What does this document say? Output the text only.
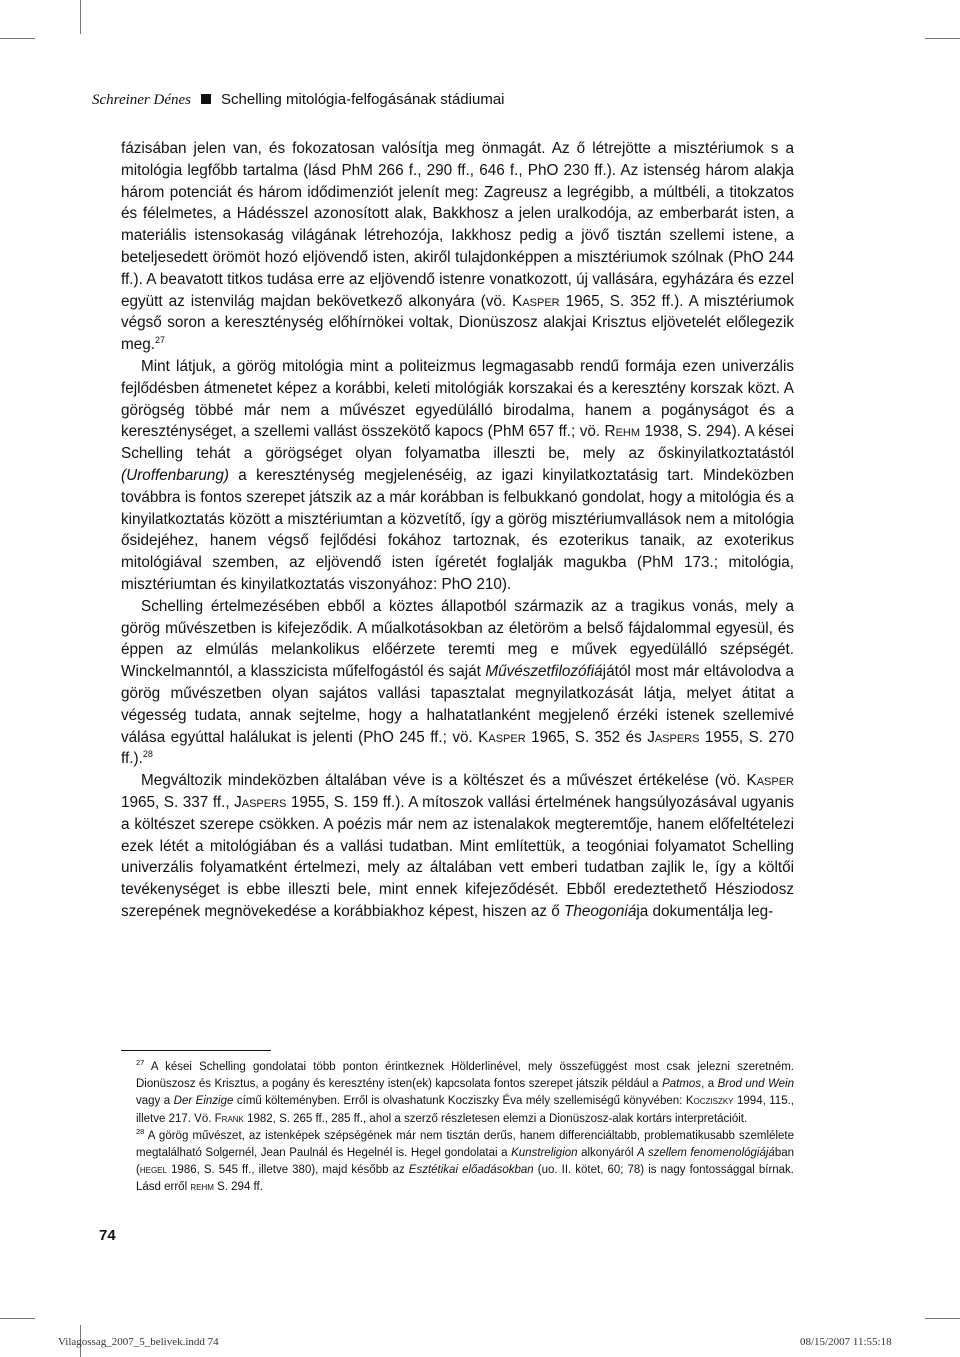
Schreiner Dénes Schelling mitológia-felfogásának stádiumai

fázisában jelen van, és fokozatosan valósítja meg önmagát. Az ő létrejötte a misztériumok s a mitológia legfőbb tartalma (lásd PhM 266 f., 290 ff., 646 f., PhO 230 ff.). Az istenség három alakja három potenciát és három idődimenziót jelenít meg: Zagreusz a legrégibb, a múltbéli, a titokzatos és félelmetes, a Hádésszel azonosított alak, Bakkhosz a jelen uralkodója, az emberbarát isten, a materiális istensokaság világának létrehozója, Iakkhosz pedig a jövő tisztán szellemi istene, a beteljesedett örömöt hozó eljövendő isten, akiről tulajdonképpen a misztériumok szólnak (PhO 244 ff.). A beavatott titkos tudása erre az eljövendő istenre vonatkozott, új vallására, egyházára és ezzel együtt az istenvilág majdan bekövetkező alkonyára (vö. Kasper 1965, S. 352 ff.). A misztériumok végső soron a kereszténység előhírnökei voltak, Dionüszosz alakjai Krisztus eljövetelét előlegezik meg.$^{27}$

Mint látjuk, a görög mitológia mint a politeizmus legmagasabb rendű formája ezen univerzális fejlődésben átmenetet képez a korábbi, keleti mitológiák korszakai és a keresztény korszak közt. A görögség többé már nem a művészet egyedülálló birodalma, hanem a pogányságot és a kereszténységet, a szellemi vallást összekötő kapocs (PhM 657 ff.; vö. Rehm 1938, S. 294). A kései Schelling tehát a görögséget olyan folyamatba illeszti be, mely az őskinyilatkoztatástól (Uroffenbarung) a kereszténység megjelenéséig, az igazi kinyilatkoztatásig tart. Mindeközben továbbra is fontos szerepet játszik az a már korábban is felbukkanó gondolat, hogy a mitológia és a kinyilatkoztatás között a misztériumtan a közvetítő, így a görög misztériumvallások nem a mitológia ősidejéhez, hanem végső fejlődési fokához tartoznak, és ezoterikus tanaik, az exoterikus mitológiával szemben, az eljövendő isten ígéretét foglalják magukba (PhM 173.; mitológia, misztériumtan és kinyilatkoztatás viszonyához: PhO 210).

Schelling értelmezésében ebből a köztes állapotból származik az a tragikus vonás, mely a görög művészetben is kifejeződik. A műalkotásokban az életöröm a belső fájdalommal egyesül, és éppen az elmúlás melankolikus előérzete teremti meg e művek egyedülálló szépségét. Winckelmanntól, a klasszicista műfelfogástól és saját Művészetfilozófiájától most már eltávolodva a görög művészetben olyan sajátos vallási tapasztalat megnyilatkozását látja, melyet átitat a végesség tudata, annak sejtelme, hogy a halhatatlanként megjelenő érzéki istenek szellemivé válása egyúttal halálukat is jelenti (PhO 245 ff.; vö. Kasper 1965, S. 352 és Jaspers 1955, S. 270 ff.).$^{28}$

Megváltozik mindeközben általában véve is a költészet és a művészet értékelése (vö. Kasper 1965, S. 337 ff., Jaspers 1955, S. 159 ff.). A mítoszok vallási értelmének hangsúlyozásával ugyanis a költészet szerepe csökken. A poézis már nem az istenalakok megteremtője, hanem előfeltételezi ezek létét a mitológiában és a vallási tudatban. Mint említettük, a teogóniai folyamatot Schelling univerzális folyamatként értelmezi, mely az általában vett emberi tudatban zajlik le, így a költői tevékenységet is ebbe illeszti bele, mint ennek kifejeződését. Ebből eredeztethető Hésziodosz szerepének megnövekedése a korábbiakhoz képest, hiszen az ő Theogoniája dokumentálja leg-

$^{27}$ A kései Schelling gondolatai több ponton érintkeznek Hölderlinével, mely összefüggést most csak jelezni szeretném. Dionüszosz és Krisztus, a pogány és keresztény isten(ek) kapcsolata fontos szerepet játszik például a Patmos, a Brod und Wein vagy a Der Einzige című költeményben. Erről is olvashatunk Kocziszky Éva mély szellemiségű könyvében: Kocziszky 1994, 115., illetve 217. Vö. Frank 1982, S. 265 ff., 285 ff., ahol a szerző részletesen elemzi a Dionüszosz-alak kortárs interpretációit.

$^{28}$ A görög művészet, az istenképek szépségének már nem tisztán derűs, hanem differenciáltabb, problematikusabb szemlélete megtalálható Solgernél, Jean Paulnál és Hegelnél is. Hegel gondolatai a Kunstreligion alkonyáról A szellem fenomenológiájában (hegel 1986, S. 545 ff., illetve 380), majd később az Esztétikai előadásokban (uo. II. kötet, 60; 78) is nagy fontossággal bírnak. Lásd erről rehm S. 294 ff.

74
Vilagossag_2007_5_belivek.indd 74	08/15/2007 11:55:18
